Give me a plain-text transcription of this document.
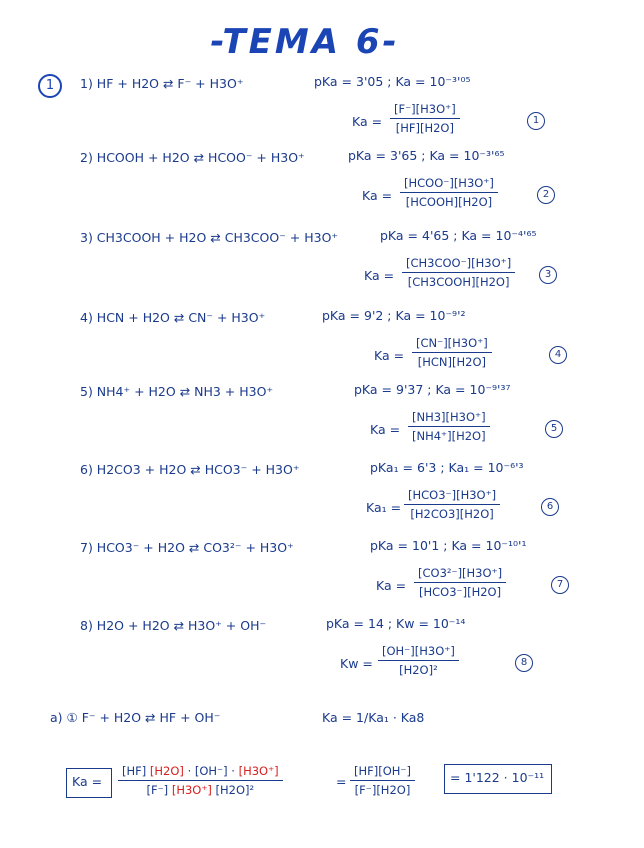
-TEMA 6-
1	1) HF + H2O ⇄ F⁻ + H3O⁺	pKa = 3'05 ; Ka = 10⁻³'⁰⁵
$Ka = \frac{[F^-][H3O^+]}{[HF][H2O]}$	1
2) HCOOH + H2O ⇄ HCOO⁻ + H3O⁺	pKa = 3'65 ; Ka = 10⁻³'⁶⁵
Ka =
[HCOO⁻][H3O⁺]
[HCOOH][H2O]
2
3) CH3COOH + H2O ⇄ CH3COO⁻ + H3O⁺	pKa = 4'65 ; Ka = 10⁻⁴'⁶⁵
Ka =
[CH3COO⁻][H3O⁺]
[CH3COOH][H2O]
3
4) HCN + H2O ⇄ CN⁻ + H3O⁺	pKa = 9'2 ; Ka = 10⁻⁹'²
Ka =
[CN⁻][H3O⁺]
[HCN][H2O]
4
5) NH4⁺ + H2O ⇄ NH3 + H3O⁺	pKa = 9'37 ; Ka = 10⁻⁹'³⁷
$Ka = \frac{[NH3][H3O^+]}{[NH4^+][H2O]}$	5
6) H2CO3 + H2O ⇄ HCO3⁻ + H3O⁺	pKa₁ = 6'3 ; Ka₁ = 10⁻⁶'³
Ka₁ =
[HCO3⁻][H3O⁺]
[H2CO3][H2O]
6
7) HCO3⁻ + H2O ⇄ CO3²⁻ + H3O⁺	pKa = 10'1 ; Ka = 10⁻¹⁰'¹
Ka =
[CO3²⁻][H3O⁺]
[HCO3⁻][H2O]
7
8) H2O + H2O ⇄ H3O⁺ + OH⁻	pKa = 14 ; Kw = 10⁻¹⁴
$Kw = \frac{[OH^-][H3O^+]}{\text{[H2O]²}}$	8
a) ① F⁻ + H2O ⇄ HF + OH⁻	Ka = 1/Ka₁ · Ka8
$Ka = \frac{[HF] [H2O] \cdot [OH^-] \cdot [H3O^+]}{\text{[F⁻] [H3O⁺] [H2O]²}}$	= $\frac{[HF][OH^-]}{[F^-][H2O]}$	= 1'122 · 10⁻¹¹
